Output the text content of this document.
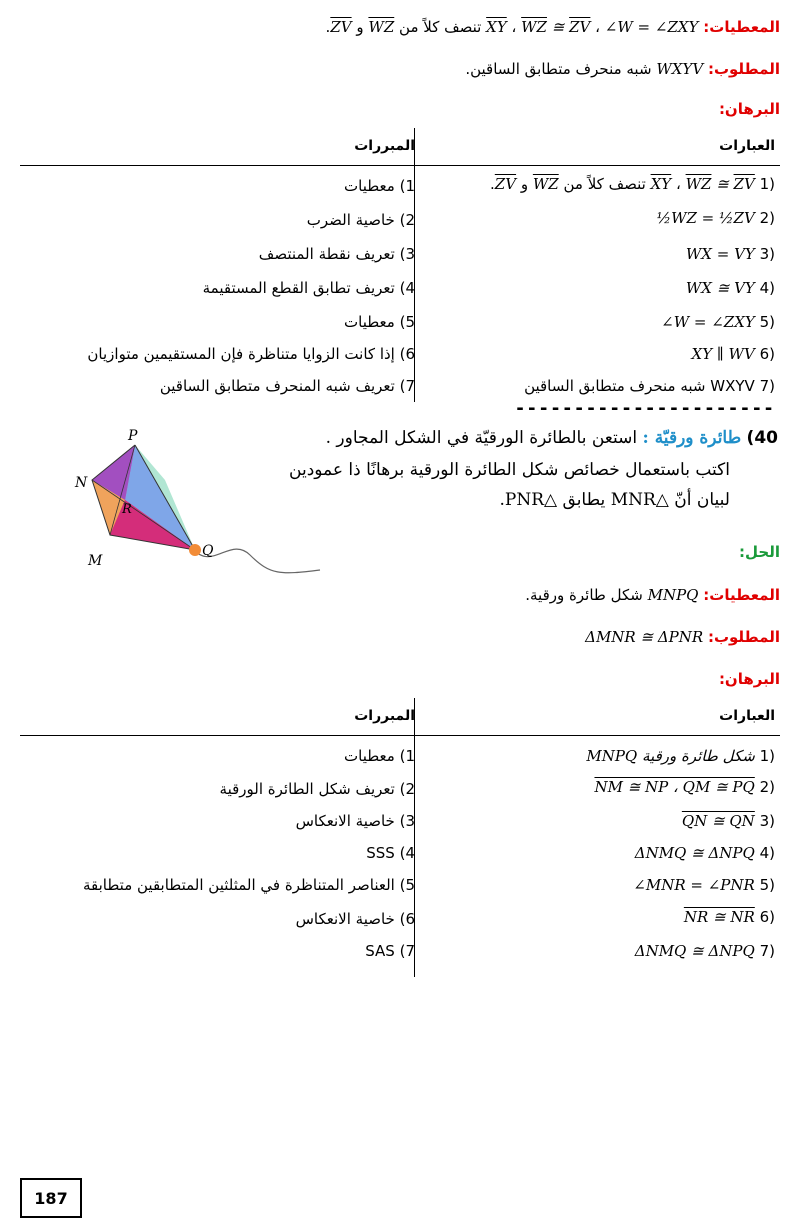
المعطيات: ∠W = ∠ZXY ، $\overline{WZ}$ ≅ $\overline{ZV}$ ، $\overline{XY}$ تنصف كلاً من $\overline{WZ}$ و $\overline{ZV}$.
المطلوب: WXYV شبه منحرف متطابق الساقين.
البرهان:
العبارات
المبررات
(1 $\overline{WZ}$ ≅ $\overline{ZV}$ ، $\overline{XY}$ تنصف كلاً من $\overline{WZ}$ و $\overline{ZV}$.
(2 ½WZ = ½ZV
(3 WX = VY
(4 WX ≅ VY
(5 ∠W = ∠ZXY
(6 XY ∥ WV
(7 WXYV شبه منحرف متطابق الساقين
1) معطيات
2) خاصية الضرب
3) تعريف نقطة المنتصف
4) تعريف تطابق القطع المستقيمة
5) معطيات
6) إذا كانت الزوايا متناظرة فإن المستقيمين متوازيان
7) تعريف شبه المنحرف متطابق الساقين
----------------------
40) طائرة ورقيّة : استعن بالطائرة الورقيّة في الشكل المجاور .
اكتب باستعمال خصائص شكل الطائرة الورقية برهانًا ذا عمودين
لبيان أنّ △MNR يطابق △PNR.
P
N
R
M
Q	الحل:
المعطيات: MNPQ شكل طائرة ورقية.
المطلوب: ΔMNR ≅ ΔPNR
البرهان:
العبارات
المبررات
(1 MNPQ شكل طائرة ورقية
(2 NM ≅ NP ، QM ≅ PQ
(3 QN ≅ QN
(4 ΔNMQ ≅ ΔNPQ
(5 ∠MNR = ∠PNR
(6 NR ≅ NR
(7 ΔNMQ ≅ ΔNPQ
1) معطيات
2) تعريف شكل الطائرة الورقية
3) خاصية الانعكاس
SSS (4
5) العناصر المتناظرة في المثلثين المتطابقين متطابقة
6) خاصية الانعكاس
SAS (7
187
